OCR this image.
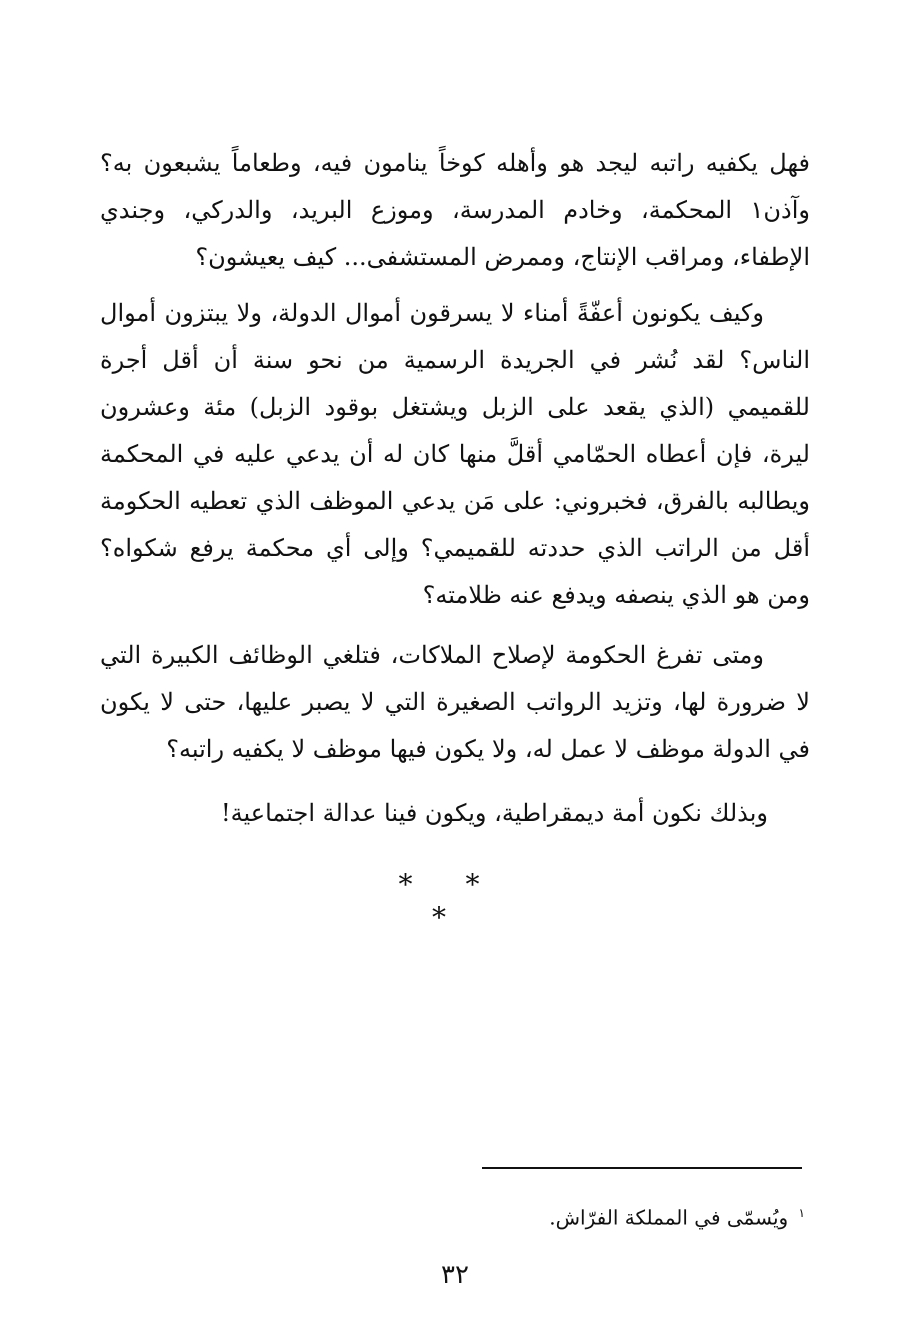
فهل يكفيه راتبه ليجد هو وأهله كوخاً ينامون فيه، وطعاماً يشبعون به؟ وآذن١ المحكمة، وخادم المدرسة، وموزع البريد، والدركي، وجندي الإطفاء، ومراقب الإنتاج، وممرض المستشفى... كيف يعيشون؟

وكيف يكونون أعفّةً أمناء لا يسرقون أموال الدولة، ولا يبتزون أموال الناس؟ لقد نُشر في الجريدة الرسمية من نحو سنة أن أقل أجرة للقميمي (الذي يقعد على الزبل ويشتغل بوقود الزبل) مئة وعشرون ليرة، فإن أعطاه الحمّامي أقلَّ منها كان له أن يدعي عليه في المحكمة ويطالبه بالفرق، فخبروني: على مَن يدعي الموظف الذي تعطيه الحكومة أقل من الراتب الذي حددته للقميمي؟ وإلى أي محكمة يرفع شكواه؟ ومن هو الذي ينصفه ويدفع عنه ظلامته؟

ومتى تفرغ الحكومة لإصلاح الملاكات، فتلغي الوظائف الكبيرة التي لا ضرورة لها، وتزيد الرواتب الصغيرة التي لا يصبر عليها، حتى لا يكون في الدولة موظف لا عمل له، ولا يكون فيها موظف لا يكفيه راتبه؟

وبذلك نكون أمة ديمقراطية، ويكون فينا عدالة اجتماعية!
* * *
$^١$ ويُسمّى في المملكة الفرّاش.
٣٢
